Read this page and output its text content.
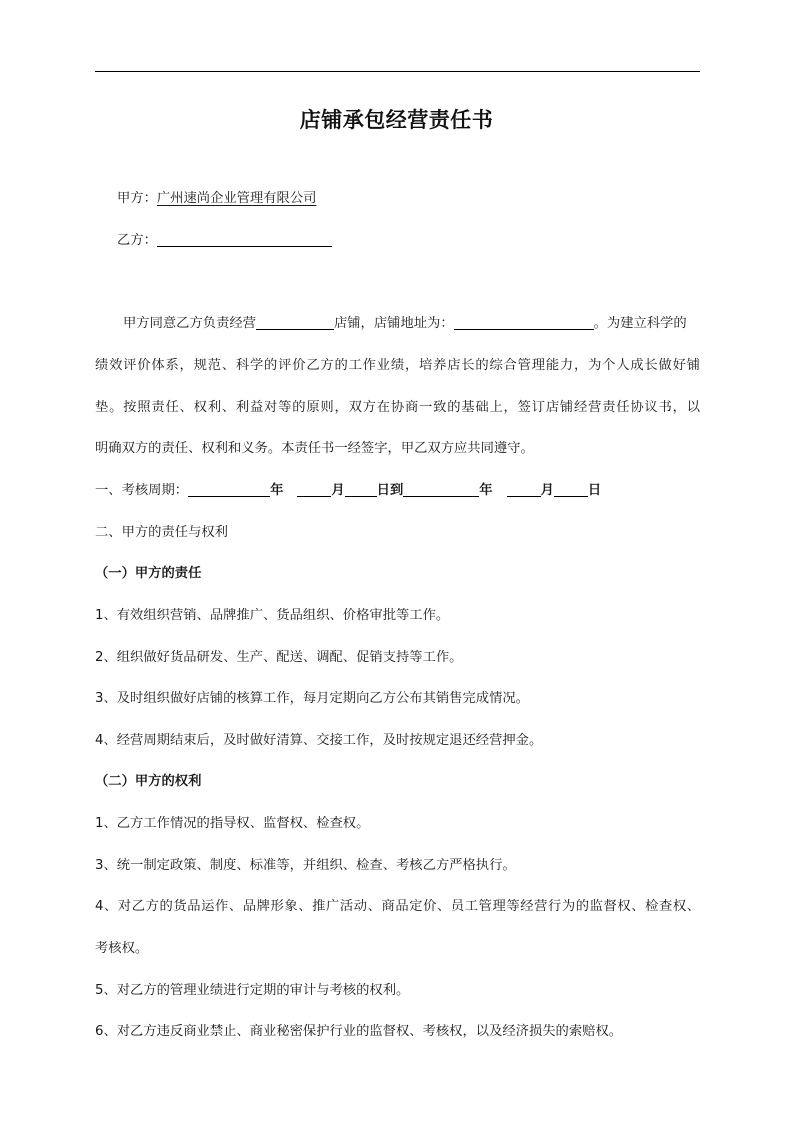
店铺承包经营责任书
甲方：广州速尚企业管理有限公司
乙方：
甲方同意乙方负责经营	店铺，店铺地址为：	。为建立科学的
绩效评价体系，规范、科学的评价乙方的工作业绩，培养店长的综合管理能力，为个人成长做好铺
垫。按照责任、权利、利益对等的原则，双方在协商一致的基础上，签订店铺经营责任协议书，以
明确双方的责任、权利和义务。本责任书一经签字，甲乙双方应共同遵守。
一、考核周期：	年	月 日到	年	月	日
二、甲方的责任与权利
（一）甲方的责任
1、有效组织营销、品牌推广、货品组织、价格审批等工作。
2、组织做好货品研发、生产、配送、调配、促销支持等工作。
3、及时组织做好店铺的核算工作，每月定期向乙方公布其销售完成情况。
4、经营周期结束后，及时做好清算、交接工作，及时按规定退还经营押金。
（二）甲方的权利
1、乙方工作情况的指导权、监督权、检查权。
3、统一制定政策、制度、标准等，并组织、检查、考核乙方严格执行。
4、对乙方的货品运作、品牌形象、推广活动、商品定价、员工管理等经营行为的监督权、检查权、
考核权。
5、对乙方的管理业绩进行定期的审计与考核的权利。
6、对乙方违反商业禁止、商业秘密保护行业的监督权、考核权，以及经济损失的索赔权。
